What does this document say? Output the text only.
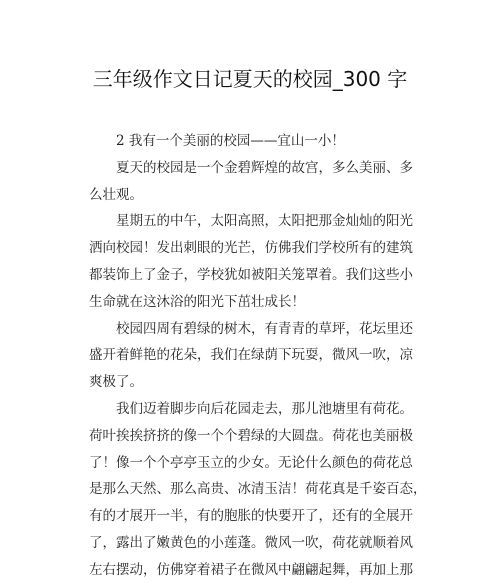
三年级作文日记夏天的校园_300 字

2 我有一个美丽的校园——宜山一小！

夏天的校园是一个金碧辉煌的故宫，多么美丽、多
么壮观。

星期五的中午，太阳高照，太阳把那金灿灿的阳光
洒向校园！发出刺眼的光芒，仿佛我们学校所有的建筑
都装饰上了金子，学校犹如被阳关笼罩着。我们这些小
生命就在这沐浴的阳光下茁壮成长！

校园四周有碧绿的树木，有青青的草坪，花坛里还
盛开着鲜艳的花朵，我们在绿荫下玩耍，微风一吹，凉
爽极了。

我们迈着脚步向后花园走去，那儿池塘里有荷花。
荷叶挨挨挤挤的像一个个碧绿的大圆盘。荷花也美丽极
了！像一个个亭亭玉立的少女。无论什么颜色的荷花总
是那么天然、那么高贵、冰清玉洁！荷花真是千姿百态，
有的才展开一半，有的胞胀的快要开了，还有的全展开
了，露出了嫩黄色的小莲蓬。微风一吹，荷花就顺着风
左右摆动，仿佛穿着裙子在微风中翩翩起舞，再加上那
